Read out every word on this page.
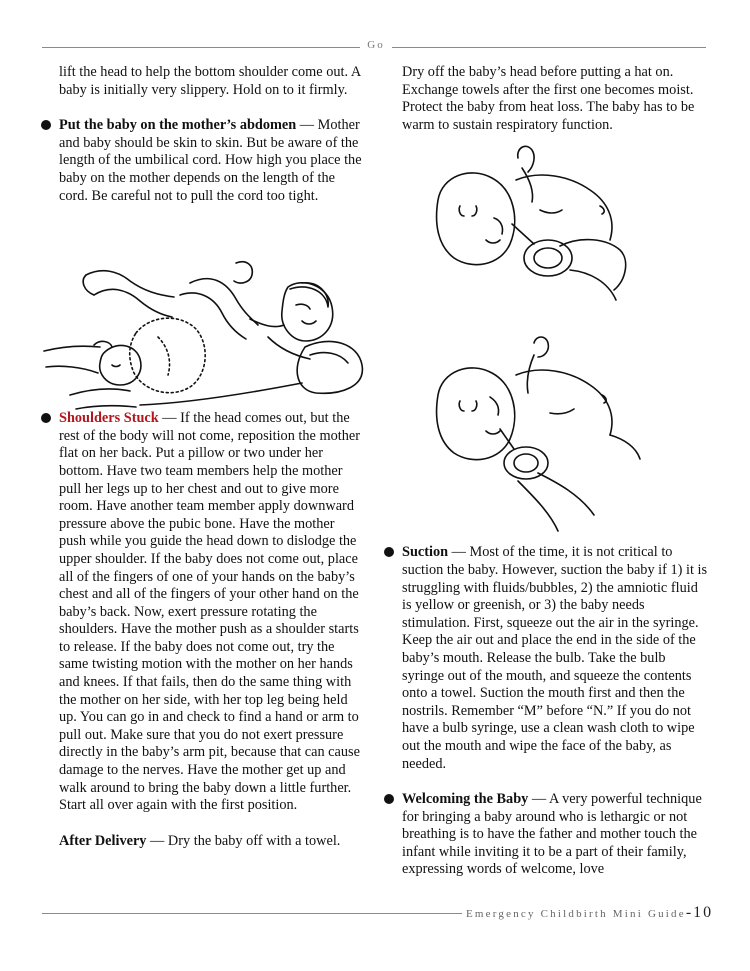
Go

lift the head to help the bottom shoulder come out. A baby is initially very slippery. Hold on to it firmly.

Put the baby on the mother’s abdomen — Mother and baby should be skin to skin. But be aware of the length of the umbilical cord. How high you place the baby on the mother depends on the length of the cord. Be careful not to pull the cord too tight.

Shoulders Stuck — If the head comes out, but the rest of the body will not come, reposition the mother flat on her back. Put a pillow or two under her bottom. Have two team members help the mother pull her legs up to her chest and out to give more room. Have another team member apply downward pressure above the pubic bone. Have the mother push while you guide the head down to dislodge the upper shoulder. If the baby does not come out, place all of the fingers of one of your hands on the baby’s chest and all of the fingers of your other hand on the baby’s back. Now, exert pressure rotating the shoulders. Have the mother push as a shoulder starts to release. If the baby does not come out, try the same twisting motion with the mother on her hands and knees. If that fails, then do the same thing with the mother on her side, with her top leg being held up. You can go in and check to find a hand or arm to pull out. Make sure that you do not exert pressure directly in the baby’s arm pit, because that can cause damage to the nerves. Have the mother get up and walk around to bring the baby down a little further. Start all over again with the first position.

After Delivery — Dry the baby off with a towel.

Dry off the baby’s head before putting a hat on. Exchange towels after the first one becomes moist. Protect the baby from heat loss. The baby has to be warm to sustain respiratory function.

Suction — Most of the time, it is not critical to suction the baby. However, suction the baby if 1) it is struggling with fluids/bubbles, 2) the amniotic fluid is yellow or greenish, or 3) the baby needs stimulation. First, squeeze out the air in the syringe. Keep the air out and place the end in the side of the baby’s mouth. Release the bulb. Take the bulb syringe out of the mouth, and squeeze the contents onto a towel. Suction the mouth first and then the nostrils. Remember “M” before “N.” If you do not have a bulb syringe, use a clean wash cloth to wipe out the mouth and wipe the face of the baby, as needed.

Welcoming the Baby — A very powerful technique for bringing a baby around who is lethargic or not breathing is to have the father and mother touch the infant while inviting it to be a part of their family, expressing words of welcome, love

Emergency Childbirth Mini Guide-10
